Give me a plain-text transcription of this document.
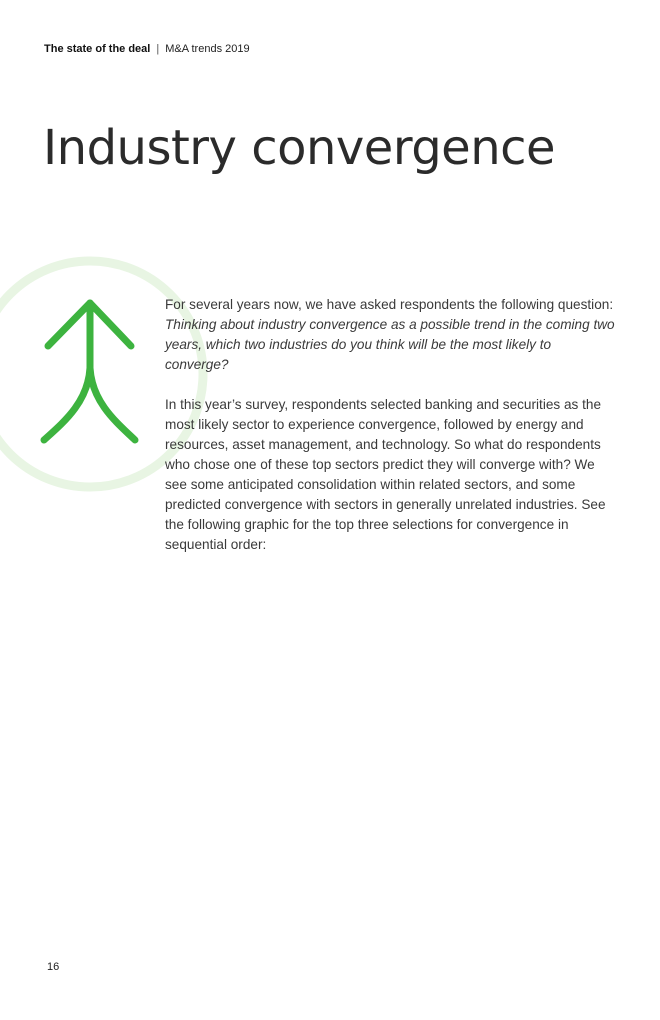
The state of the deal | M&A trends 2019
Industry convergence

For several years now, we have asked respondents the following question: Thinking about industry convergence as a possible trend in the coming two years, which two industries do you think will be the most likely to converge?

In this year’s survey, respondents selected banking and securities as the most likely sector to experience convergence, followed by energy and resources, asset management, and technology. So what do respondents who chose one of these top sectors predict they will converge with? We see some anticipated consolidation within related sectors, and some predicted convergence with sectors in generally unrelated industries. See the following graphic for the top three selections for convergence in sequential order:

16
